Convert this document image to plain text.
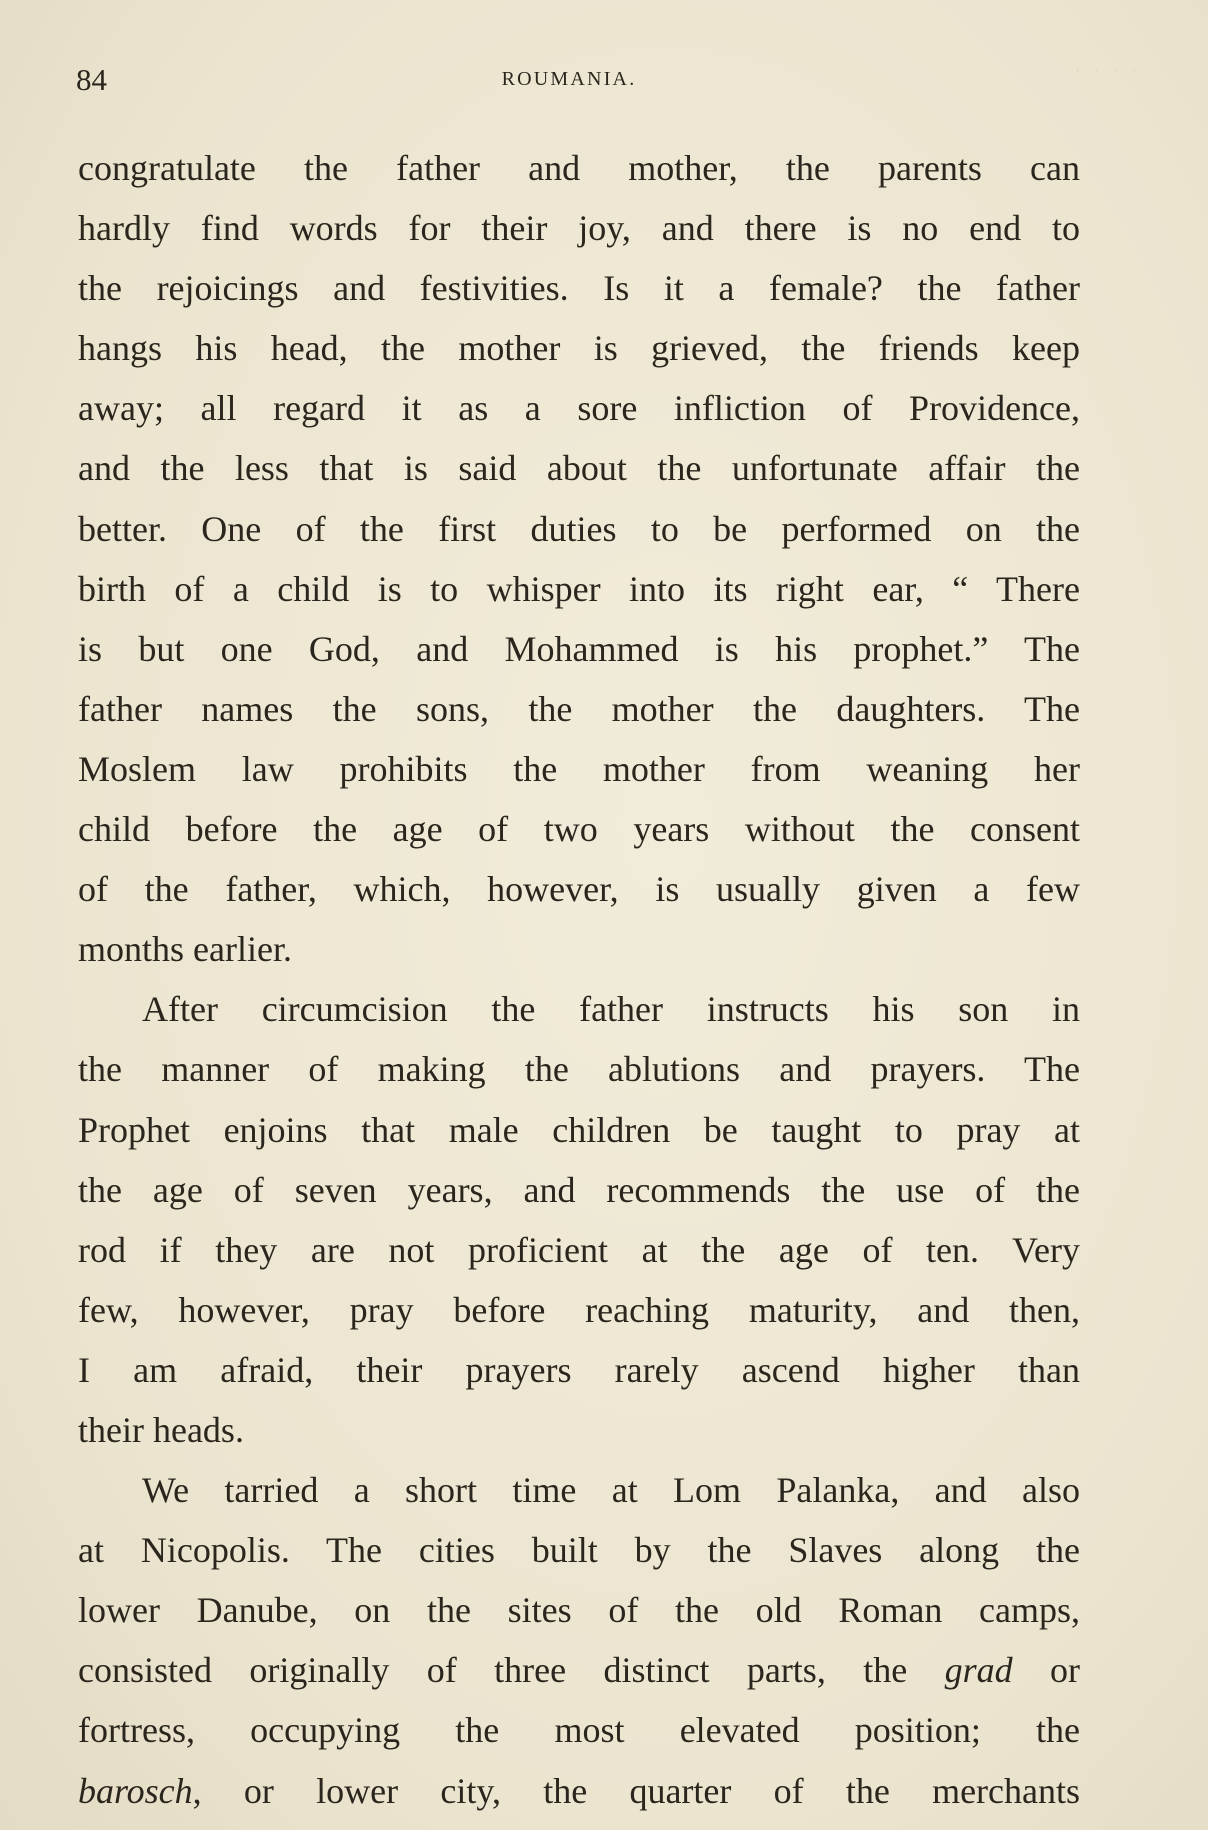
· · · ·
84	ROUMANIA.
congratulate the father and mother, the parents can
hardly find words for their joy, and there is no end to
the rejoicings and festivities. Is it a female? the father
hangs his head, the mother is grieved, the friends keep
away; all regard it as a sore infliction of Providence,
and the less that is said about the unfortunate affair the
better. One of the first duties to be performed on the
birth of a child is to whisper into its right ear, “ There
is but one God, and Mohammed is his prophet.” The
father names the sons, the mother the daughters. The
Moslem law prohibits the mother from weaning her
child before the age of two years without the consent
of the father, which, however, is usually given a few
months earlier.
After circumcision the father instructs his son in
the manner of making the ablutions and prayers. The
Prophet enjoins that male children be taught to pray at
the age of seven years, and recommends the use of the
rod if they are not proficient at the age of ten. Very
few, however, pray before reaching maturity, and then,
I am afraid, their prayers rarely ascend higher than
their heads.
We tarried a short time at Lom Palanka, and also
at Nicopolis. The cities built by the Slaves along the
lower Danube, on the sites of the old Roman camps,
consisted originally of three distinct parts, the grad or
fortress, occupying the most elevated position; the
barosch, or lower city, the quarter of the merchants
